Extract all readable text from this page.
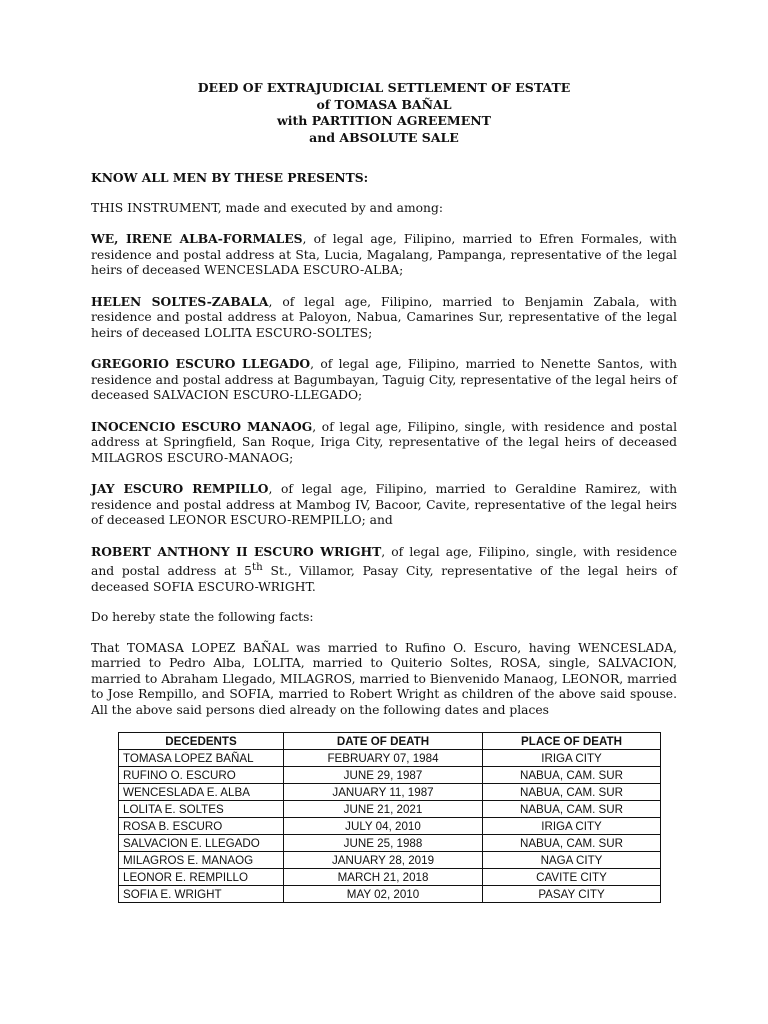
DEED OF EXTRAJUDICIAL SETTLEMENT OF ESTATE
of TOMASA BAÑAL
with PARTITION AGREEMENT
and ABSOLUTE SALE

KNOW ALL MEN BY THESE PRESENTS:

THIS INSTRUMENT, made and executed by and among:

WE, IRENE ALBA-FORMALES, of legal age, Filipino, married to Efren Formales, with residence and postal address at Sta, Lucia, Magalang, Pampanga, representative of the legal heirs of deceased WENCESLADA ESCURO-ALBA;

HELEN SOLTES-ZABALA, of legal age, Filipino, married to Benjamin Zabala, with residence and postal address at Paloyon, Nabua, Camarines Sur, representative of the legal heirs of deceased LOLITA ESCURO-SOLTES;

GREGORIO ESCURO LLEGADO, of legal age, Filipino, married to Nenette Santos, with residence and postal address at Bagumbayan, Taguig City, representative of the legal heirs of deceased SALVACION ESCURO-LLEGADO;

INOCENCIO ESCURO MANAOG, of legal age, Filipino, single, with residence and postal address at Springfield, San Roque, Iriga City, representative of the legal heirs of deceased MILAGROS ESCURO-MANAOG;

JAY ESCURO REMPILLO, of legal age, Filipino, married to Geraldine Ramirez, with residence and postal address at Mambog IV, Bacoor, Cavite, representative of the legal heirs of deceased LEONOR ESCURO-REMPILLO; and

ROBERT ANTHONY II ESCURO WRIGHT, of legal age, Filipino, single, with residence and postal address at 5th St., Villamor, Pasay City, representative of the legal heirs of deceased SOFIA ESCURO-WRIGHT.

Do hereby state the following facts:

That TOMASA LOPEZ BAÑAL was married to Rufino O. Escuro, having WENCESLADA, married to Pedro Alba, LOLITA, married to Quiterio Soltes, ROSA, single, SALVACION, married to Abraham Llegado, MILAGROS, married to Bienvenido Manaog, LEONOR, married to Jose Rempillo, and SOFIA, married to Robert Wright as children of the above said spouse. All the above said persons died already on the following dates and places

DECEDENTS	DATE OF DEATH	PLACE OF DEATH
TOMASA LOPEZ BAÑAL	FEBRUARY 07, 1984	IRIGA CITY
RUFINO O. ESCURO	JUNE 29, 1987	NABUA, CAM. SUR
WENCESLADA E. ALBA	JANUARY 11, 1987	NABUA, CAM. SUR
LOLITA E. SOLTES	JUNE 21, 2021	NABUA, CAM. SUR
ROSA B. ESCURO	JULY 04, 2010	IRIGA CITY
SALVACION E. LLEGADO	JUNE 25, 1988	NABUA, CAM. SUR
MILAGROS E. MANAOG	JANUARY 28, 2019	NAGA CITY
LEONOR E. REMPILLO	MARCH 21, 2018	CAVITE CITY
SOFIA E. WRIGHT	MAY 02, 2010	PASAY CITY
